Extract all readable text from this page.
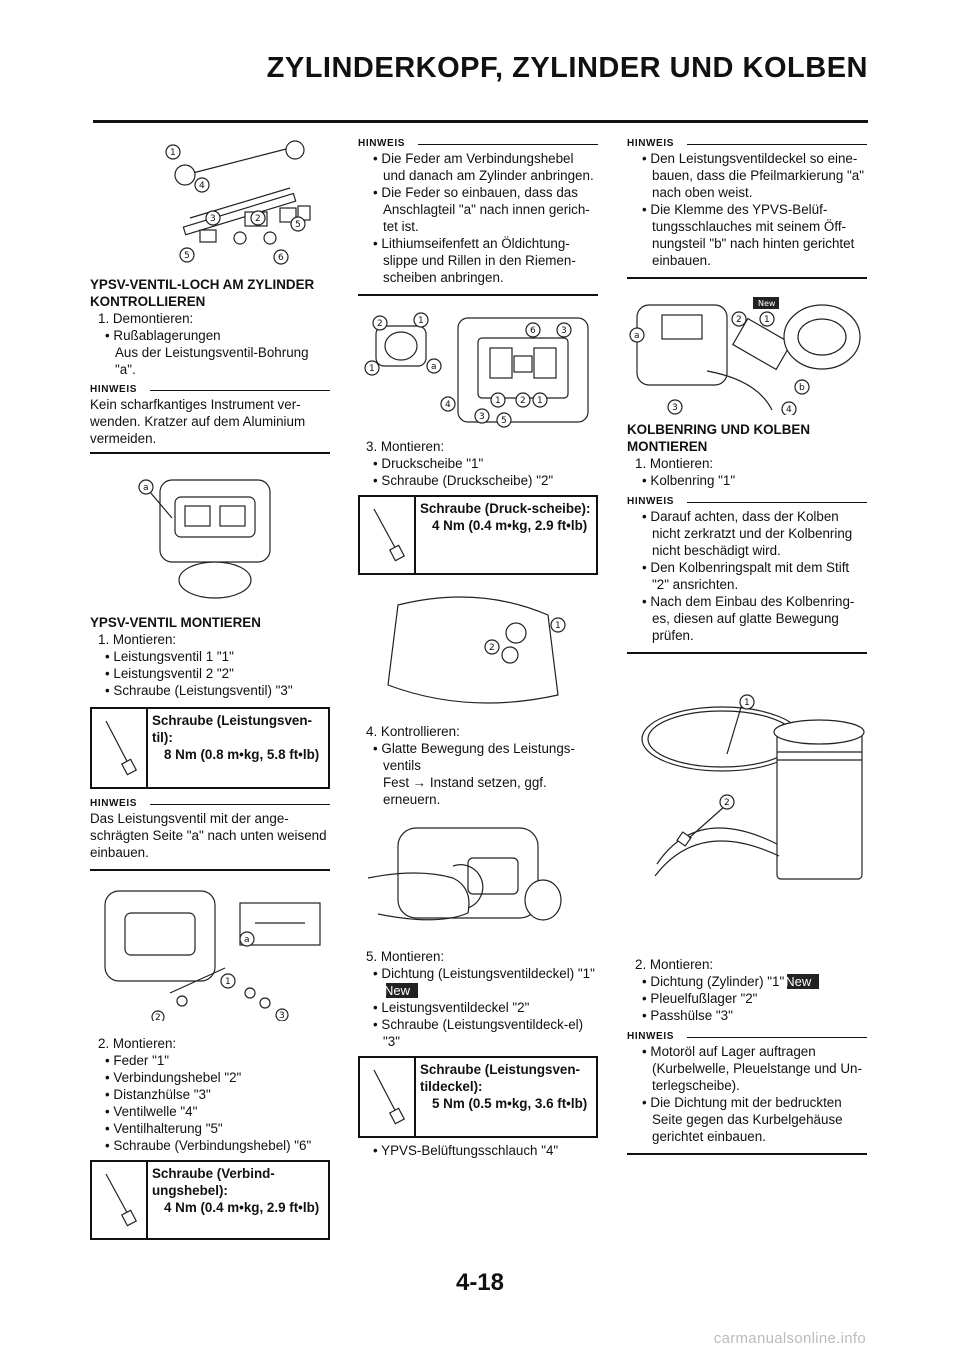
ZYLINDERKOPF, ZYLINDER UND KOLBEN
1
4
3	2
5
5	6
YPSV-VENTIL-LOCH AM ZYLINDER KONTROLLIEREN
1. Demontieren:
• Rußablagerungen
Aus der Leistungsventil-Bohrung "a".
HINWEIS
Kein scharfkantiges Instrument ver-wenden. Kratzer auf dem Aluminium vermeiden.
a
YPSV-VENTIL MONTIEREN
1. Montieren:
• Leistungsventil 1 "1"
• Leistungsventil 2 "2"
• Schraube (Leistungsventil) "3"
Schraube (Leistungsven-til):
8 Nm (0.8 m•kg, 5.8 ft•lb)
HINWEIS
Das Leistungsventil mit der ange-schrägten Seite "a" nach unten weisend einbauen.
1
a
2	3
2. Montieren:
• Feder "1"
• Verbindungshebel "2"
• Distanzhülse "3"
• Ventilwelle "4"
• Ventilhalterung "5"
• Schraube (Verbindungshebel) "6"
Schraube (Verbind-ungshebel):
4 Nm (0.4 m•kg, 2.9 ft•lb)
HINWEIS
• Die Feder am Verbindungshebel und danach am Zylinder anbringen.
• Die Feder so einbauen, dass das Anschlagteil "a" nach innen gerich-tet ist.
• Lithiumseifenfett an Öldichtung-slippe und Rillen in den Riemen-scheiben anbringen.
2	1
1	a
4	1 2 1
3 5
6	3
3. Montieren:
• Druckscheibe "1"
• Schraube (Druckscheibe) "2"
Schraube (Druck-scheibe):
4 Nm (0.4 m•kg, 2.9 ft•lb)
1
2
4. Kontrollieren:
• Glatte Bewegung des Leistungs-ventils
Fest → Instand setzen, ggf. erneuern.
5. Montieren:
• Dichtung (Leistungsventildeckel) "1"New
• Leistungsventildeckel "2"
• Schraube (Leistungsventildeck-el) "3"
Schraube (Leistungsven-tildeckel):
5 Nm (0.5 m•kg, 3.6 ft•lb)
• YPVS-Belüftungsschlauch "4"
HINWEIS
• Den Leistungsventildeckel so eine-bauen, dass die Pfeilmarkierung "a" nach oben weist.
• Die Klemme des YPVS-Belüf-tungsschlauches mit seinem Öff-nungsteil "b" nach hinten gerichtet einbauen.
New
a
2 1
b
3	4
KOLBENRING UND KOLBEN MONTIEREN
1. Montieren:
• Kolbenring "1"
HINWEIS
• Darauf achten, dass der Kolben nicht zerkratzt und der Kolbenring nicht beschädigt wird.
• Den Kolbenringspalt mit dem Stift "2" ansrichten.
• Nach dem Einbau des Kolbenring-es, diesen auf glatte Bewegung prüfen.
1
2
2. Montieren:
• Dichtung (Zylinder) "1"New
• Pleuelfußlager "2"
• Passhülse "3"
HINWEIS
• Motoröl auf Lager auftragen (Kurbelwelle, Pleuelstange und Un-terlegscheibe).
• Die Dichtung mit der bedruckten Seite gegen das Kurbelgehäuse gerichtet einbauen.
4-18
carmanualsonline.info
